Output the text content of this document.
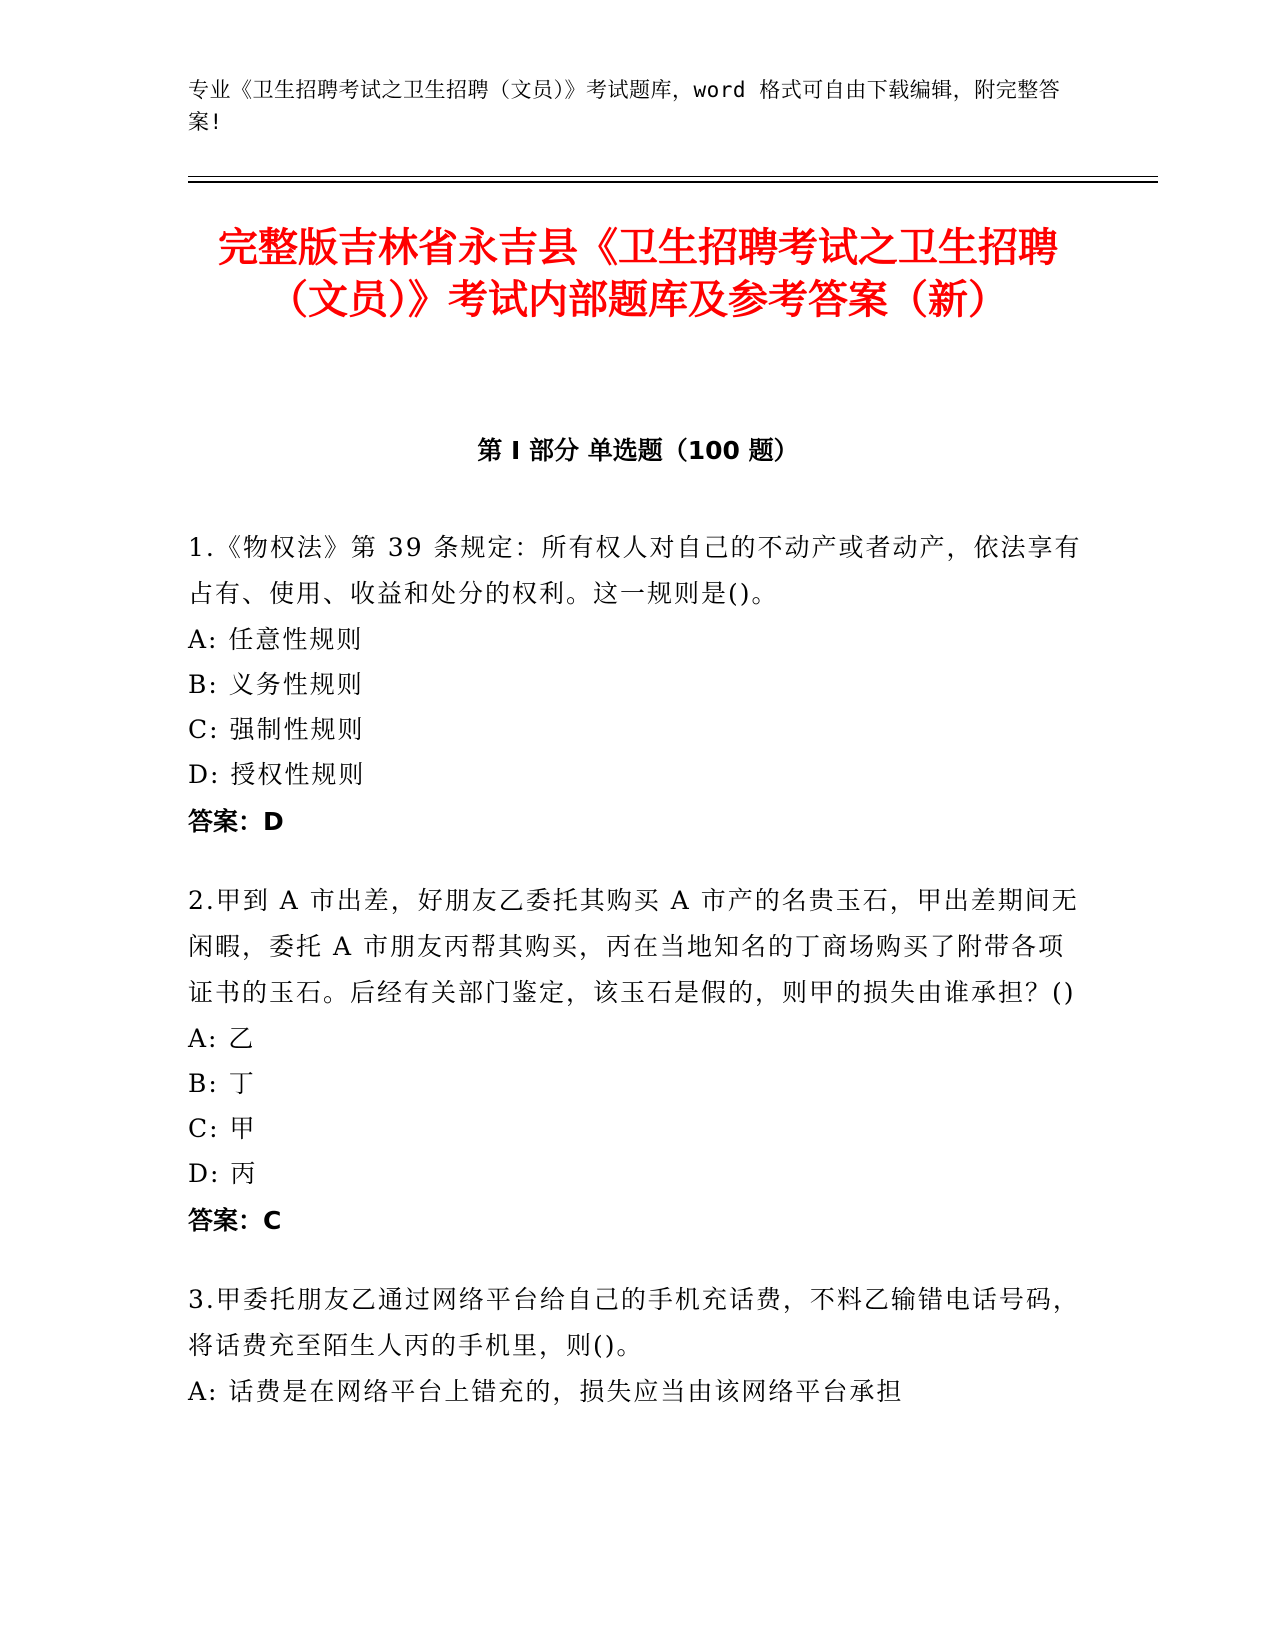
专业《卫生招聘考试之卫生招聘（文员）》考试题库，word 格式可自由下载编辑，附完整答案!
完整版吉林省永吉县《卫生招聘考试之卫生招聘（文员）》考试内部题库及参考答案（新）
第 I 部分 单选题（100 题）
1.《物权法》第 39 条规定：所有权人对自己的不动产或者动产，依法享有占有、使用、收益和处分的权利。这一规则是()。
A: 任意性规则
B: 义务性规则
C: 强制性规则
D: 授权性规则
答案：D
2.甲到 A 市出差，好朋友乙委托其购买 A 市产的名贵玉石，甲出差期间无闲暇，委托 A 市朋友丙帮其购买，丙在当地知名的丁商场购买了附带各项证书的玉石。后经有关部门鉴定，该玉石是假的，则甲的损失由谁承担？()
A: 乙
B: 丁
C: 甲
D: 丙
答案：C
3.甲委托朋友乙通过网络平台给自己的手机充话费，不料乙输错电话号码，将话费充至陌生人丙的手机里，则()。
A: 话费是在网络平台上错充的，损失应当由该网络平台承担
